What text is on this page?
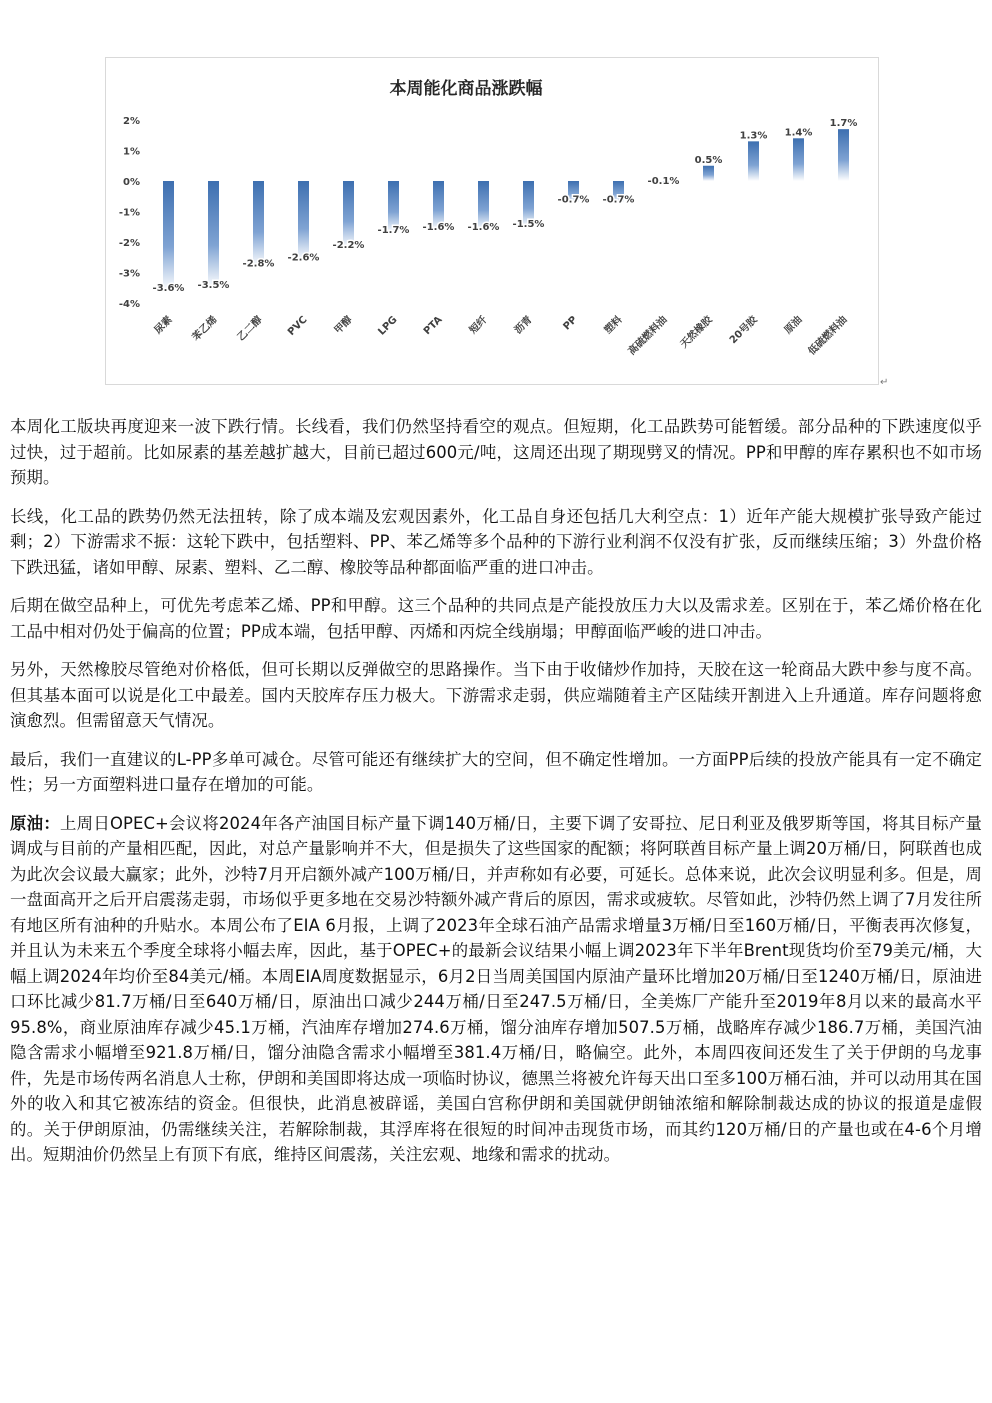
本周能化商品涨跌幅
2%
1%
0%
-1%
-2%
-3%
-4%
-3.6% -3.5%
-2.8%
-2.6%
-2.2%
-1.7% -1.6% -1.6% -1.5%
-0.7% -0.7%
-0.1%
0.5%
1.3% 1.4%
1.7%
尿素 苯乙烯 乙二醇 PVC 甲醇 LPG PTA 短纤 沥青	PP 塑料 高硫燃料油 天然橡胶 20号胶 原油 低硫燃料油
↵

本周化工版块再度迎来一波下跌行情。长线看，我们仍然坚持看空的观点。但短期，化工品跌势可能暂缓。部分品种的下跌速度似乎过快，过于超前。比如尿素的基差越扩越大，目前已超过600元/吨，这周还出现了期现劈叉的情况。PP和甲醇的库存累积也不如市场预期。

长线，化工品的跌势仍然无法扭转，除了成本端及宏观因素外，化工品自身还包括几大利空点：1）近年产能大规模扩张导致产能过剩；2）下游需求不振：这轮下跌中，包括塑料、PP、苯乙烯等多个品种的下游行业利润不仅没有扩张，反而继续压缩；3）外盘价格下跌迅猛，诸如甲醇、尿素、塑料、乙二醇、橡胶等品种都面临严重的进口冲击。

后期在做空品种上，可优先考虑苯乙烯、PP和甲醇。这三个品种的共同点是产能投放压力大以及需求差。区别在于，苯乙烯价格在化工品中相对仍处于偏高的位置；PP成本端，包括甲醇、丙烯和丙烷全线崩塌；甲醇面临严峻的进口冲击。

另外，天然橡胶尽管绝对价格低，但可长期以反弹做空的思路操作。当下由于收储炒作加持，天胶在这一轮商品大跌中参与度不高。但其基本面可以说是化工中最差。国内天胶库存压力极大。下游需求走弱，供应端随着主产区陆续开割进入上升通道。库存问题将愈演愈烈。但需留意天气情况。

最后，我们一直建议的L-PP多单可减仓。尽管可能还有继续扩大的空间，但不确定性增加。一方面PP后续的投放产能具有一定不确定性；另一方面塑料进口量存在增加的可能。

原油：上周日OPEC+会议将2024年各产油国目标产量下调140万桶/日，主要下调了安哥拉、尼日利亚及俄罗斯等国，将其目标产量调成与目前的产量相匹配，因此，对总产量影响并不大，但是损失了这些国家的配额；将阿联酋目标产量上调20万桶/日，阿联酋也成为此次会议最大赢家；此外，沙特7月开启额外减产100万桶/日，并声称如有必要，可延长。总体来说，此次会议明显利多。但是，周一盘面高开之后开启震荡走弱，市场似乎更多地在交易沙特额外减产背后的原因，需求或疲软。尽管如此，沙特仍然上调了7月发往所有地区所有油种的升贴水。本周公布了EIA 6月报，上调了2023年全球石油产品需求增量3万桶/日至160万桶/日，平衡表再次修复，并且认为未来五个季度全球将小幅去库，因此，基于OPEC+的最新会议结果小幅上调2023年下半年Brent现货均价至79美元/桶，大幅上调2024年均价至84美元/桶。本周EIA周度数据显示，6月2日当周美国国内原油产量环比增加20万桶/日至1240万桶/日，原油进口环比减少81.7万桶/日至640万桶/日，原油出口减少244万桶/日至247.5万桶/日，全美炼厂产能升至2019年8月以来的最高水平95.8%，商业原油库存减少45.1万桶，汽油库存增加274.6万桶，馏分油库存增加507.5万桶，战略库存减少186.7万桶，美国汽油隐含需求小幅增至921.8万桶/日，馏分油隐含需求小幅增至381.4万桶/日，略偏空。此外，本周四夜间还发生了关于伊朗的乌龙事件，先是市场传两名消息人士称，伊朗和美国即将达成一项临时协议，德黑兰将被允许每天出口至多100万桶石油，并可以动用其在国外的收入和其它被冻结的资金。但很快，此消息被辟谣，美国白宫称伊朗和美国就伊朗铀浓缩和解除制裁达成的协议的报道是虚假的。关于伊朗原油，仍需继续关注，若解除制裁，其浮库将在很短的时间冲击现货市场，而其约120万桶/日的产量也或在4-6个月增出。短期油价仍然呈上有顶下有底，维持区间震荡，关注宏观、地缘和需求的扰动。
